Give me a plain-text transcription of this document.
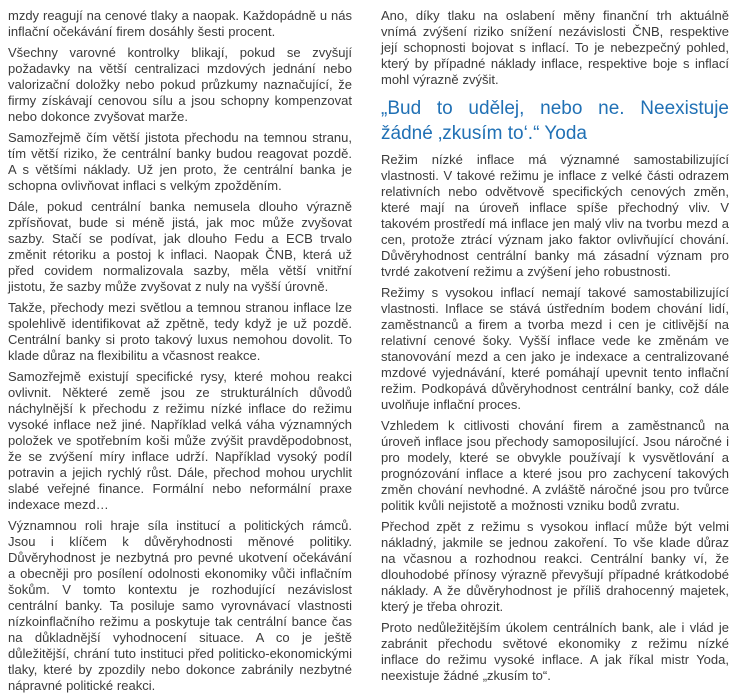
mzdy reagují na cenové tlaky a naopak. Každopádně u nás inflační očekávání firem dosáhly šesti procent.

Všechny varovné kontrolky blikají, pokud se zvyšují požadavky na větší centralizaci mzdových jednání nebo valorizační doložky nebo pokud průzkumy naznačující, že firmy získávají cenovou sílu a jsou schopny kompenzovat nebo dokonce zvyšovat marže.

Samozřejmě čím větší jistota přechodu na temnou stranu, tím větší riziko, že centrální banky budou reagovat pozdě. A s většími náklady. Už jen proto, že centrální banka je schopna ovlivňovat inflaci s velkým zpožděním.

Dále, pokud centrální banka nemusela dlouho výrazně zpřísňovat, bude si méně jistá, jak moc může zvyšovat sazby. Stačí se podívat, jak dlouho Fedu a ECB trvalo změnit rétoriku a postoj k inflaci. Naopak ČNB, která už před covidem normalizovala sazby, měla větší vnitřní jistotu, že sazby může zvyšovat z nuly na vyšší úrovně.

Takže, přechody mezi světlou a temnou stranou inflace lze spolehlivě identifikovat až zpětně, tedy když je už pozdě. Centrální banky si proto takový luxus nemohou dovolit. To klade důraz na flexibilitu a včasnost reakce.

Samozřejmě existují specifické rysy, které mohou reakci ovlivnit. Některé země jsou ze strukturálních důvodů náchylnější k přechodu z režimu nízké inflace do režimu vysoké inflace než jiné. Například velká váha významných položek ve spotřebním koši může zvýšit pravděpodobnost, že se zvýšení míry inflace udrží. Například vysoký podíl potravin a jejich rychlý růst. Dále, přechod mohou urychlit slabé veřejné finance. Formální nebo neformální praxe indexace mezd…

Významnou roli hraje síla institucí a politických rámců. Jsou i klíčem k důvěryhodnosti měnové politiky. Důvěryhodnost je nezbytná pro pevné ukotvení očekávání a obecněji pro posílení odolnosti ekonomiky vůči inflačním šokům. V tomto kontextu je rozhodující nezávislost centrální banky. Ta posiluje samo vyrovnávací vlastnosti nízkoinflačního režimu a poskytuje tak centrální bance čas na důkladnější vyhodnocení situace. A co je ještě důležitější, chrání tuto instituci před politicko-ekonomickými tlaky, které by zpozdily nebo dokonce zabránily nezbytné nápravné politické reakci.

Ano, díky tlaku na oslabení měny finanční trh aktuálně vnímá zvýšení riziko snížení nezávislosti ČNB, respektive její schopnosti bojovat s inflací. To je nebezpečný pohled, který by případné náklady inflace, respektive boje s inflací mohl výrazně zvýšit.

„Bud to udělej, nebo ne. Neexistuje žádné ‚zkusím to‘.“ Yoda

Režim nízké inflace má významné samostabilizující vlastnosti. V takové režimu je inflace z velké části odrazem relativních nebo odvětvově specifických cenových změn, které mají na úroveň inflace spíše přechodný vliv. V takovém prostředí má inflace jen malý vliv na tvorbu mezd a cen, protože ztrácí význam jako faktor ovlivňující chování. Důvěryhodnost centrální banky má zásadní význam pro tvrdé zakotvení režimu a zvýšení jeho robustnosti.

Režimy s vysokou inflací nemají takové samostabilizující vlastnosti. Inflace se stává ústředním bodem chování lidí, zaměstnanců a firem a tvorba mezd i cen je citlivější na relativní cenové šoky. Vyšší inflace vede ke změnám ve stanovování mezd a cen jako je indexace a centralizované mzdové vyjednávání, které pomáhají upevnit tento inflační režim. Podkopává důvěryhodnost centrální banky, což dále uvolňuje inflační proces.

Vzhledem k citlivosti chování firem a zaměstnanců na úroveň inflace jsou přechody samoposilující. Jsou náročné i pro modely, které se obvykle používají k vysvětlování a prognózování inflace a které jsou pro zachycení takových změn chování nevhodné. A zvláště náročné jsou pro tvůrce politik kvůli nejistotě a možnosti vzniku bodů zvratu.

Přechod zpět z režimu s vysokou inflací může být velmi nákladný, jakmile se jednou zakoření. To vše klade důraz na včasnou a rozhodnou reakci. Centrální banky ví, že dlouhodobé přínosy výrazně převyšují případné krátkodobé náklady. A že důvěryhodnost je příliš drahocenný majetek, který je třeba ohrozit.

Proto nedůležitějším úkolem centrálních bank, ale i vlád je zabránit přechodu světové ekonomiky z režimu nízké inflace do režimu vysoké inflace. A jak říkal mistr Yoda, neexistuje žádné „zkusím to“.
